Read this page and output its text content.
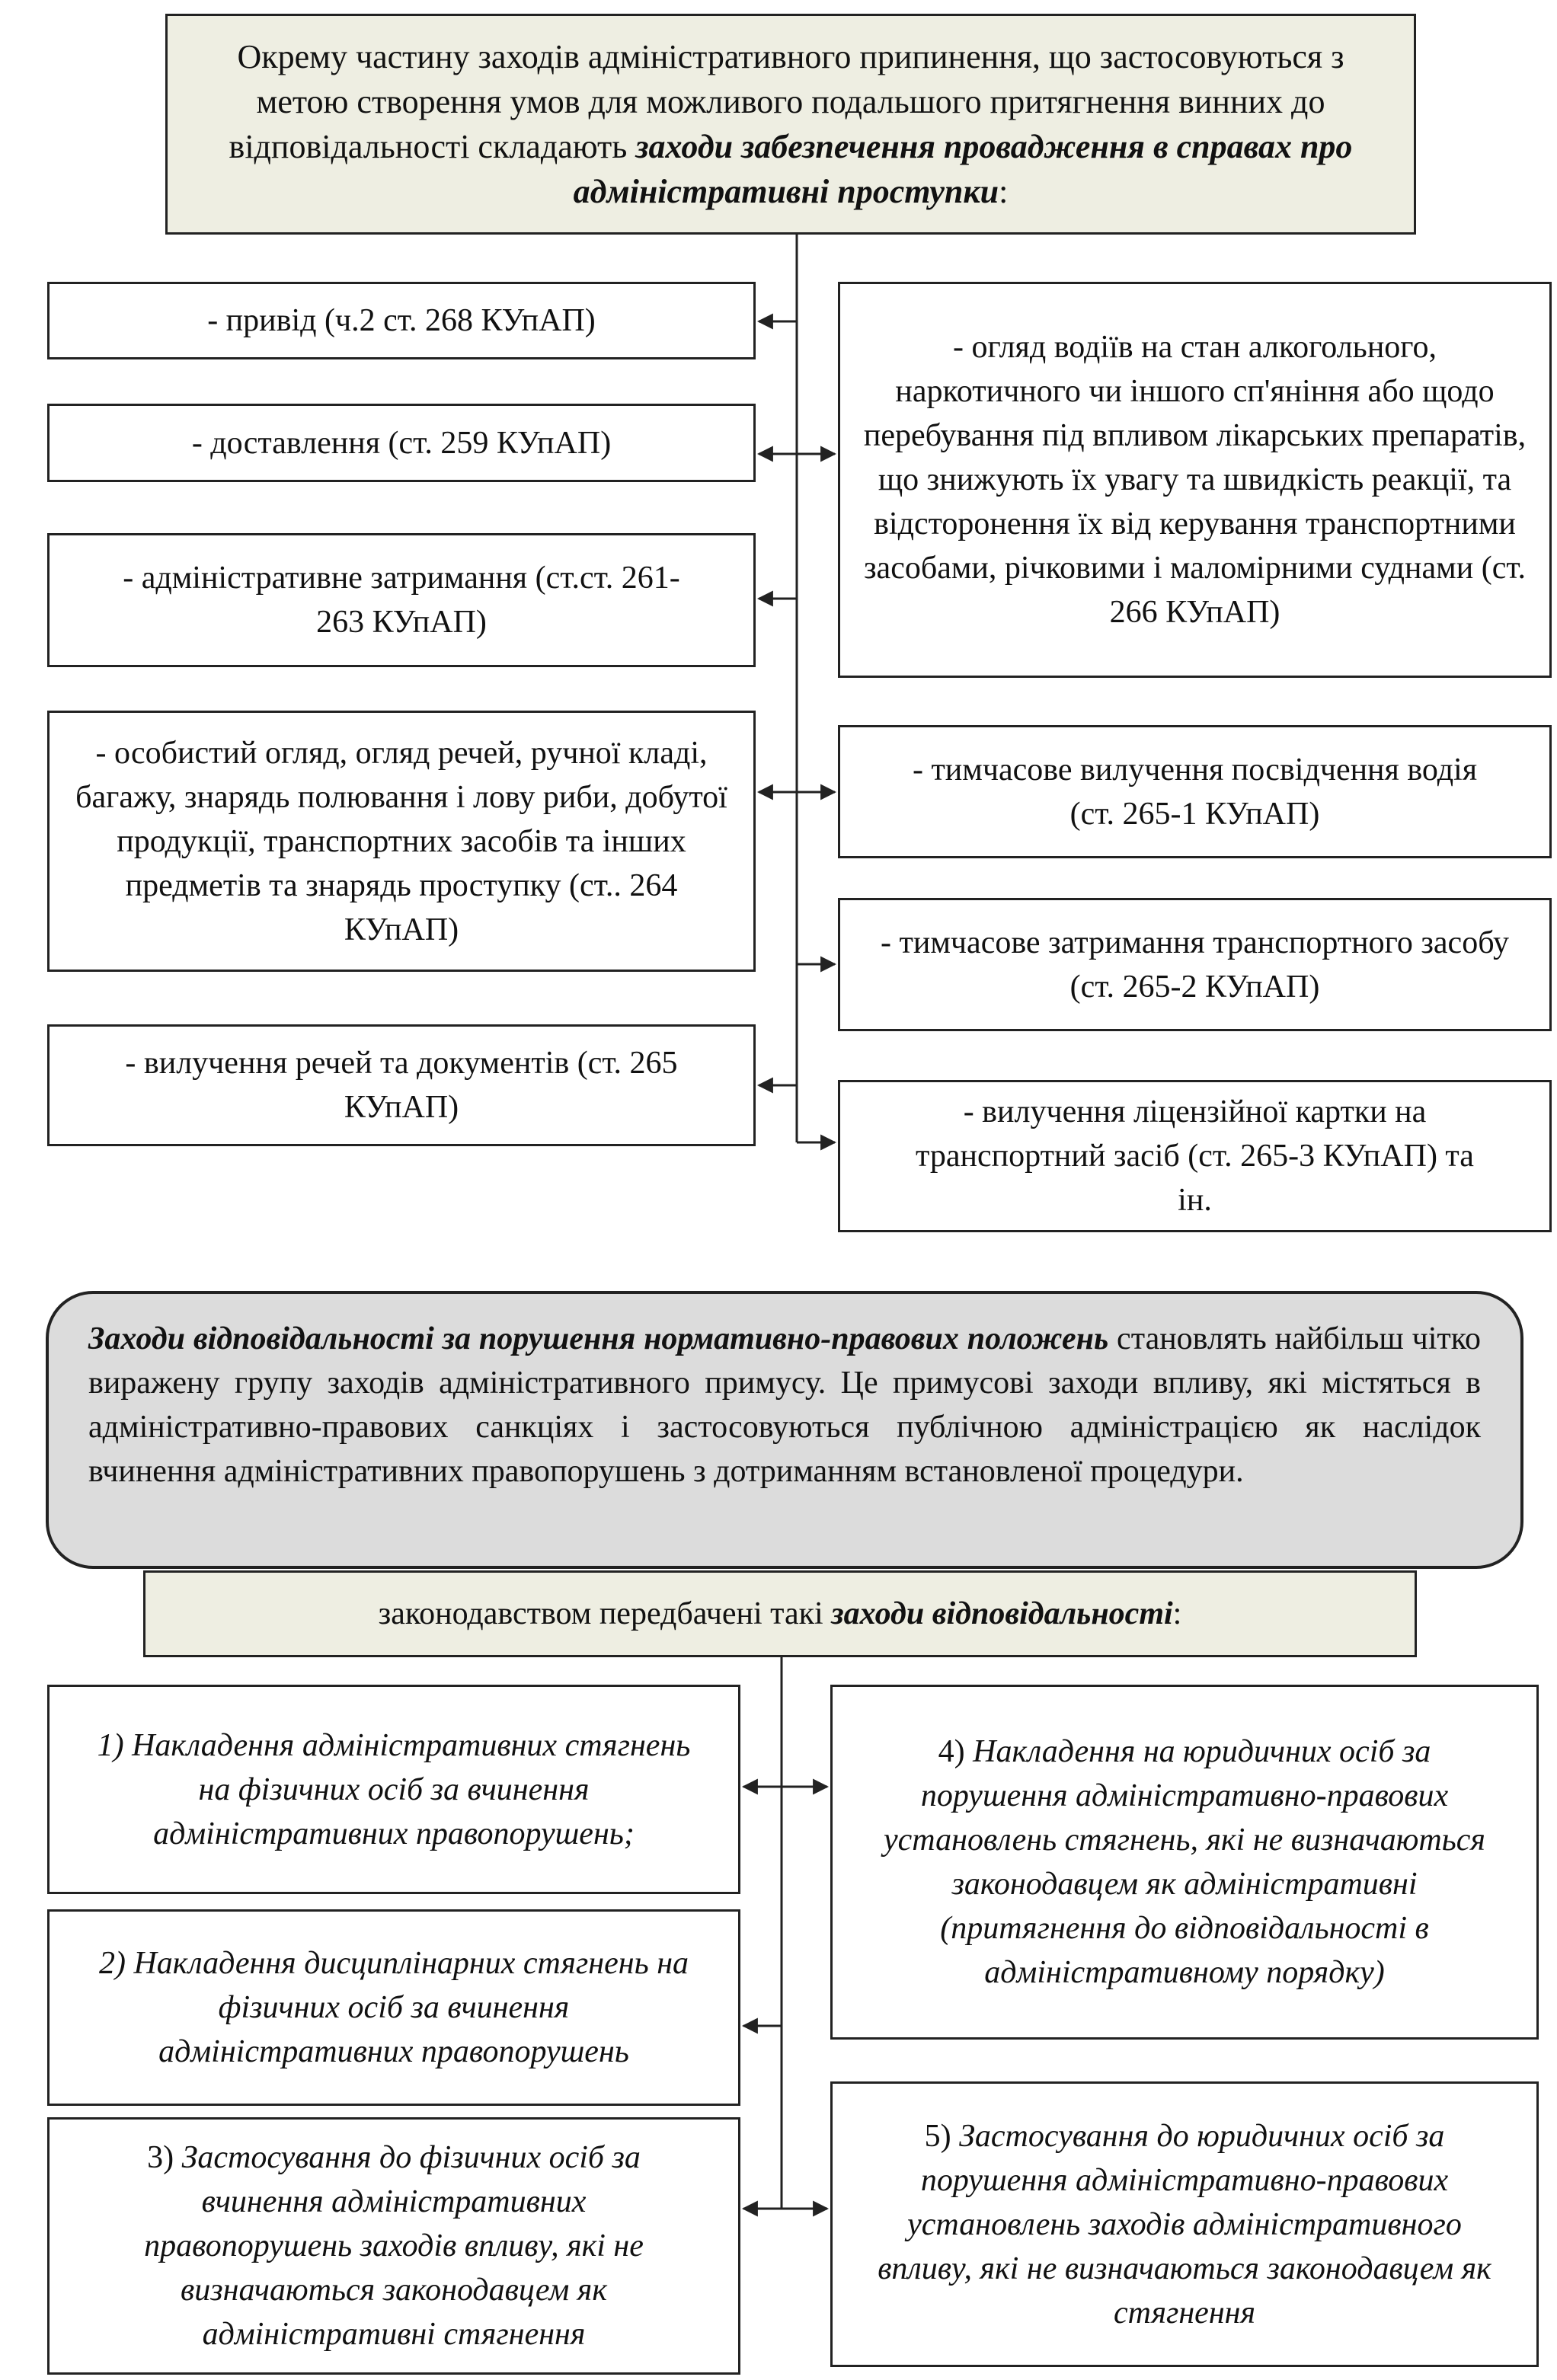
Окрему частину заходів адміністративного припинення, що застосовуються з метою створення умов для можливого подальшого притягнення винних до відповідальності складають заходи забезпечення провадження в справах про адміністративні проступки:
- привід (ч.2 ст. 268 КУпАП)
- доставлення (ст. 259 КУпАП)
- адміністративне затримання (ст.ст. 261-263 КУпАП)
- особистий огляд, огляд речей, ручної кладі, багажу, знарядь полювання і лову риби, добутої продукції, транспортних засобів та інших предметів та знарядь проступку (ст.. 264 КУпАП)
- вилучення речей та документів (ст. 265 КУпАП)
- огляд водіїв на стан алкогольного, наркотичного чи іншого сп'яніння або щодо перебування під впливом лікарських препаратів, що знижують їх увагу та швидкість реакції, та відсторонення їх від керування транспортними засобами, річковими і маломірними суднами (ст. 266 КУпАП)
- тимчасове вилучення посвідчення водія (ст. 265-1 КУпАП)
- тимчасове затримання транспортного засобу (ст. 265-2 КУпАП)
- вилучення ліцензійної картки на транспортний засіб (ст. 265-3 КУпАП) та ін.
Заходи відповідальності за порушення нормативно-правових положень становлять найбільш чітко виражену групу заходів адміністративного примусу. Це примусові заходи впливу, які містяться в адміністративно-правових санкціях і застосовуються публічною адміністрацією як наслідок вчинення адміністративних правопорушень з дотриманням встановленої процедури.
законодавством передбачені такі заходи відповідальності:
1) Накладення адміністративних стягнень на фізичних осіб за вчинення адміністративних правопорушень;
2) Накладення дисциплінарних стягнень на фізичних осіб за вчинення адміністративних правопорушень
3) Застосування до фізичних осіб за вчинення адміністративних правопорушень заходів впливу, які не визначаються законодавцем як адміністративні стягнення
4) Накладення на юридичних осіб за порушення адміністративно-правових установлень стягнень, які не визначаються законодавцем як адміністративні (притягнення до відповідальності в адміністративному порядку)
5) Застосування до юридичних осіб за порушення адміністративно-правових установлень заходів адміністративного впливу, які не визначаються законодавцем як стягнення
